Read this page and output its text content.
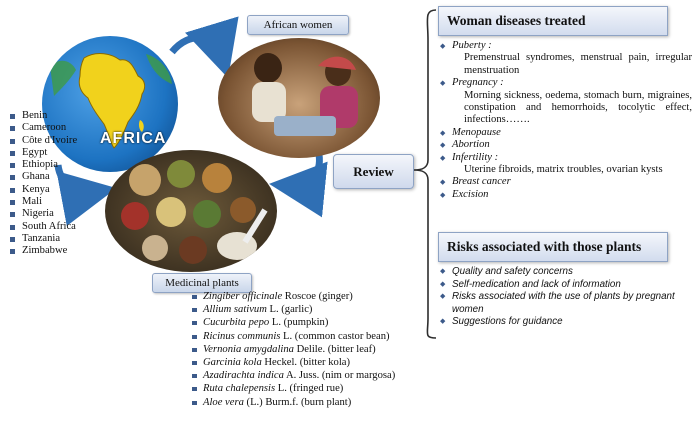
AFRICA
Benin
Cameroon
Côte d'Ivoire
Egypt
Ethiopia
Ghana
Kenya
Mali
Nigeria
South Africa
Tanzania
Zimbabwe
African women
Medicinal plants
Zingiber officinale Roscoe (ginger)
Allium sativum L. (garlic)
Cucurbita pepo L. (pumpkin)
Ricinus communis L. (common castor bean)
Vernonia amygdalina Delile. (bitter leaf)
Garcinia kola Heckel. (bitter kola)
Azadirachta indica A. Juss. (nim or margosa)
Ruta chalepensis L. (fringed rue)
Aloe vera (L.) Burm.f. (burn plant)
Review
Woman diseases treated
◆ Puberty :
Premenstrual syndromes, menstrual pain, irregular menstruation
◆ Pregnancy :
Morning sickness, oedema, stomach burn, migraines, constipation and hemorrhoids, tocolytic effect, infections…….
◆ Menopause
◆ Abortion
◆ Infertility :
Uterine fibroids, matrix troubles, ovarian kysts
◆ Breast cancer
◆ Excision
Risks associated with those plants
◆ Quality and safety concerns
◆ Self-medication and lack of information
◆ Risks associated with the use of plants by pregnant women
◆ Suggestions for guidance
